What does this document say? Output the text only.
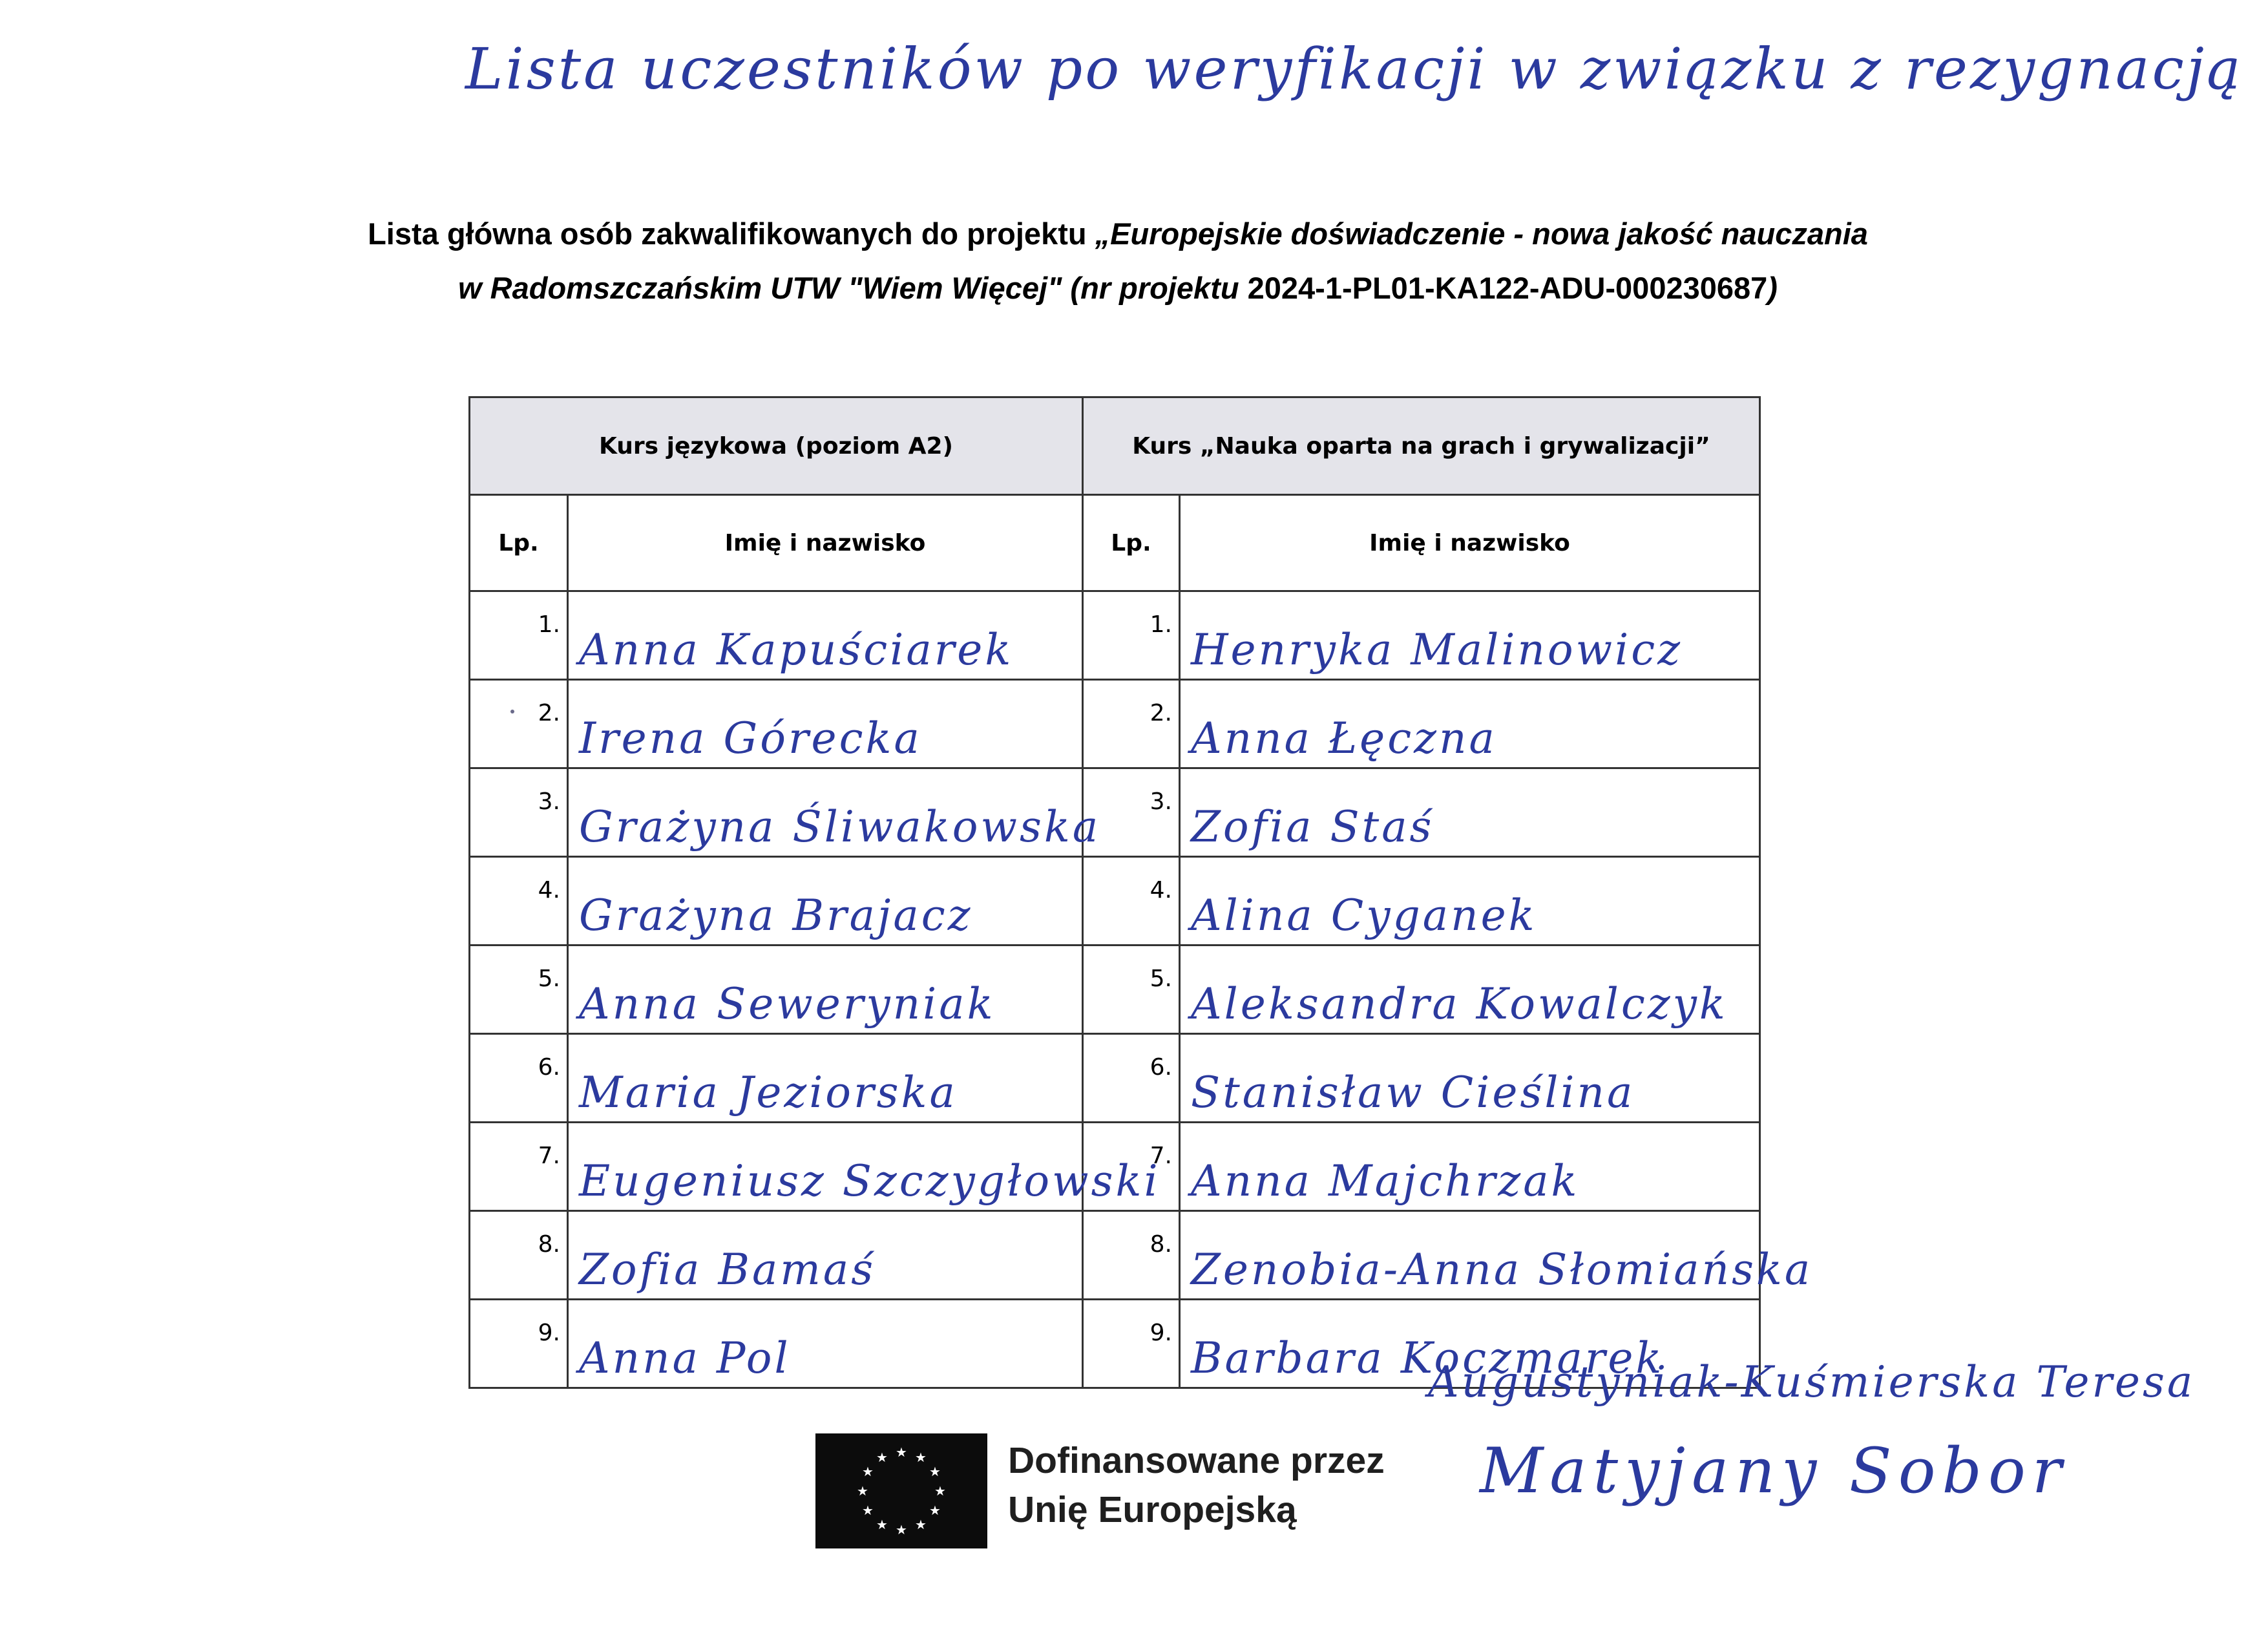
Lista uczestników po weryfikacji w związku z rezygnacją
Lista główna osób zakwalifikowanych do projektu „Europejskie doświadczenie - nowa jakość nauczania
w Radomszczańskim UTW "Wiem Więcej" (nr projektu 2024-1-PL01-KA122-ADU-000230687)
Kurs językowa (poziom A2)		Kurs „Nauka oparta na grach i grywalizacji”	
Lp.	Imię i nazwisko	Lp.	Imię i nazwisko
1.	Anna Kapuściarek	1.	Henryka Malinowicz
2.	Irena Górecka	2.	Anna Łęczna
3.	Grażyna Śliwakowska	3.	Zofia Staś
4.	Grażyna Brajacz	4.	Alina Cyganek
5.	Anna Seweryniak	5.	Aleksandra Kowalczyk
6.	Maria Jeziorska	6.	Stanisław Cieślina
7.	Eugeniusz Szczygłowski	7.	Anna Majchrzak
8.	Zofia Bamaś	8.	Zenobia-Anna Słomiańska
9.	Anna Pol	9.	Barbara Koczmarek
★ ★
★
★
★
★
★
★
★
★
★
★	Dofinansowane przez
Unię Europejską
Augustyniak-Kuśmierska Teresa
Matyjany Sobor
